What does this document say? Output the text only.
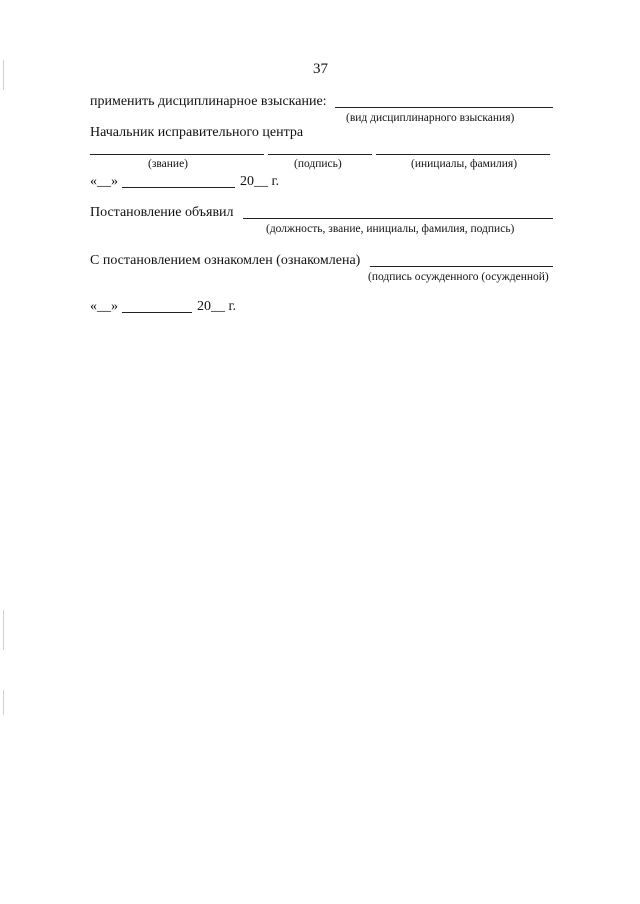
37
применить дисциплинарное взыскание:
(вид дисциплинарного взыскания)
Начальник исправительного центра
(звание)	(подпись)	(инициалы, фамилия)
«__»	20__ г.
Постановление объявил
(должность, звание, инициалы, фамилия, подпись)
С постановлением ознакомлен (ознакомлена)
(подпись осужденного (осужденной)
«__»	20__ г.
